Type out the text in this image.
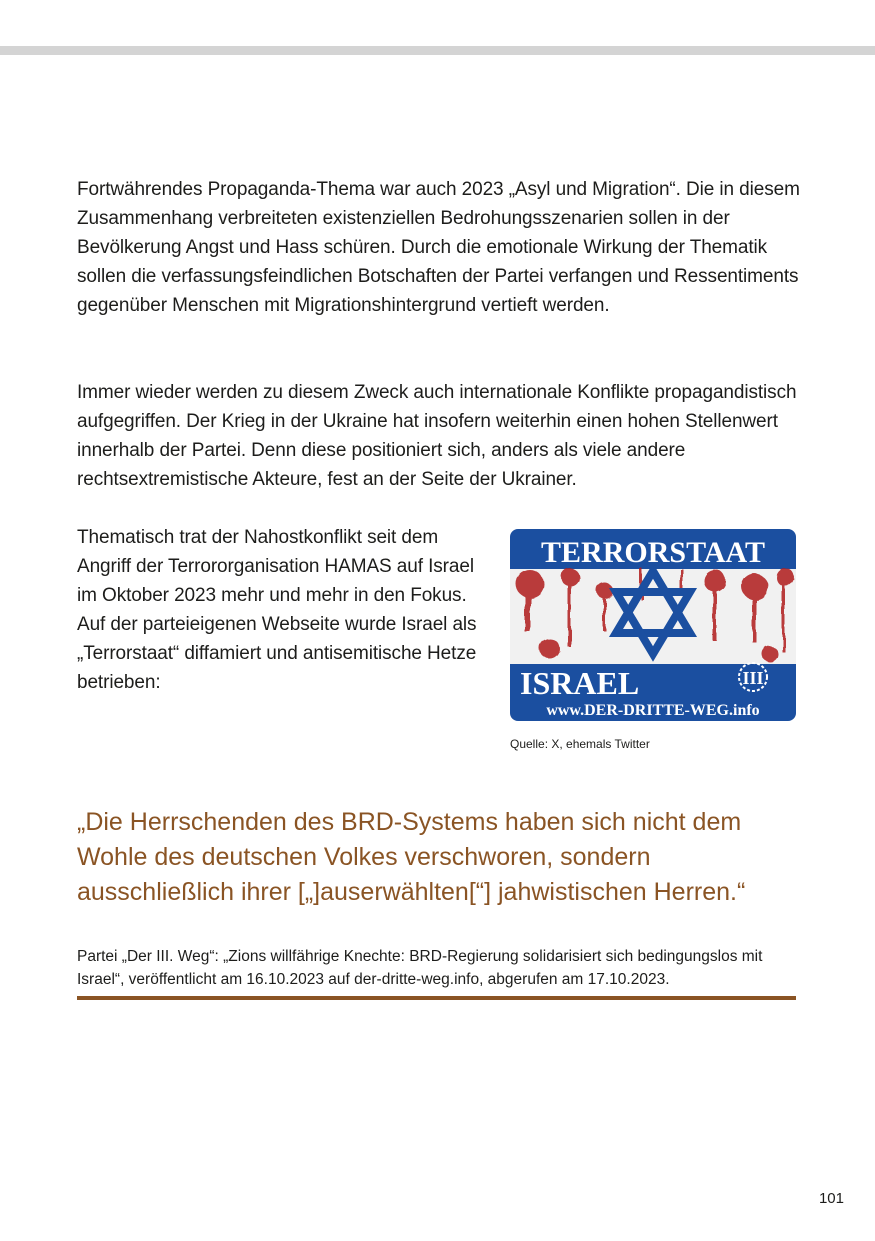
Fortwährendes Propaganda-Thema war auch 2023 „Asyl und Migration“. Die in diesem Zusammenhang verbreiteten existenziellen Bedrohungsszenarien sollen in der Bevölkerung Angst und Hass schüren. Durch die emotionale Wirkung der Thematik sollen die verfassungsfeindlichen Botschaften der Partei verfangen und Ressentiments gegenüber Menschen mit Migrationshintergrund vertieft werden.

Immer wieder werden zu diesem Zweck auch internationale Konflikte propagandistisch aufgegriffen. Der Krieg in der Ukraine hat insofern weiterhin einen hohen Stellenwert innerhalb der Partei. Denn diese positioniert sich, anders als viele andere rechtsextremistische Akteure, fest an der Seite der Ukrainer.

Thematisch trat der Nahostkonflikt seit dem Angriff der Terrororganisation HAMAS auf Israel im Oktober 2023 mehr und mehr in den Fokus. Auf der parteieigenen Webseite wurde Israel als „Terrorstaat“ diffamiert und antisemitische Hetze betrieben:

TERRORSTAAT
ISRAEL	III
www.DER-DRITTE-WEG.info
Quelle: X, ehemals Twitter

„Die Herrschenden des BRD-Systems haben sich nicht dem Wohle des deutschen Volkes verschworen, sondern ausschließlich ihrer [„]auserwählten[“] jahwistischen Herren.“

Partei „Der III. Weg“: „Zions willfährige Knechte: BRD-Regierung solidarisiert sich bedingungslos mit Israel“, veröffentlicht am 16.10.2023 auf der-dritte-weg.info, abgerufen am 17.10.2023.

101
